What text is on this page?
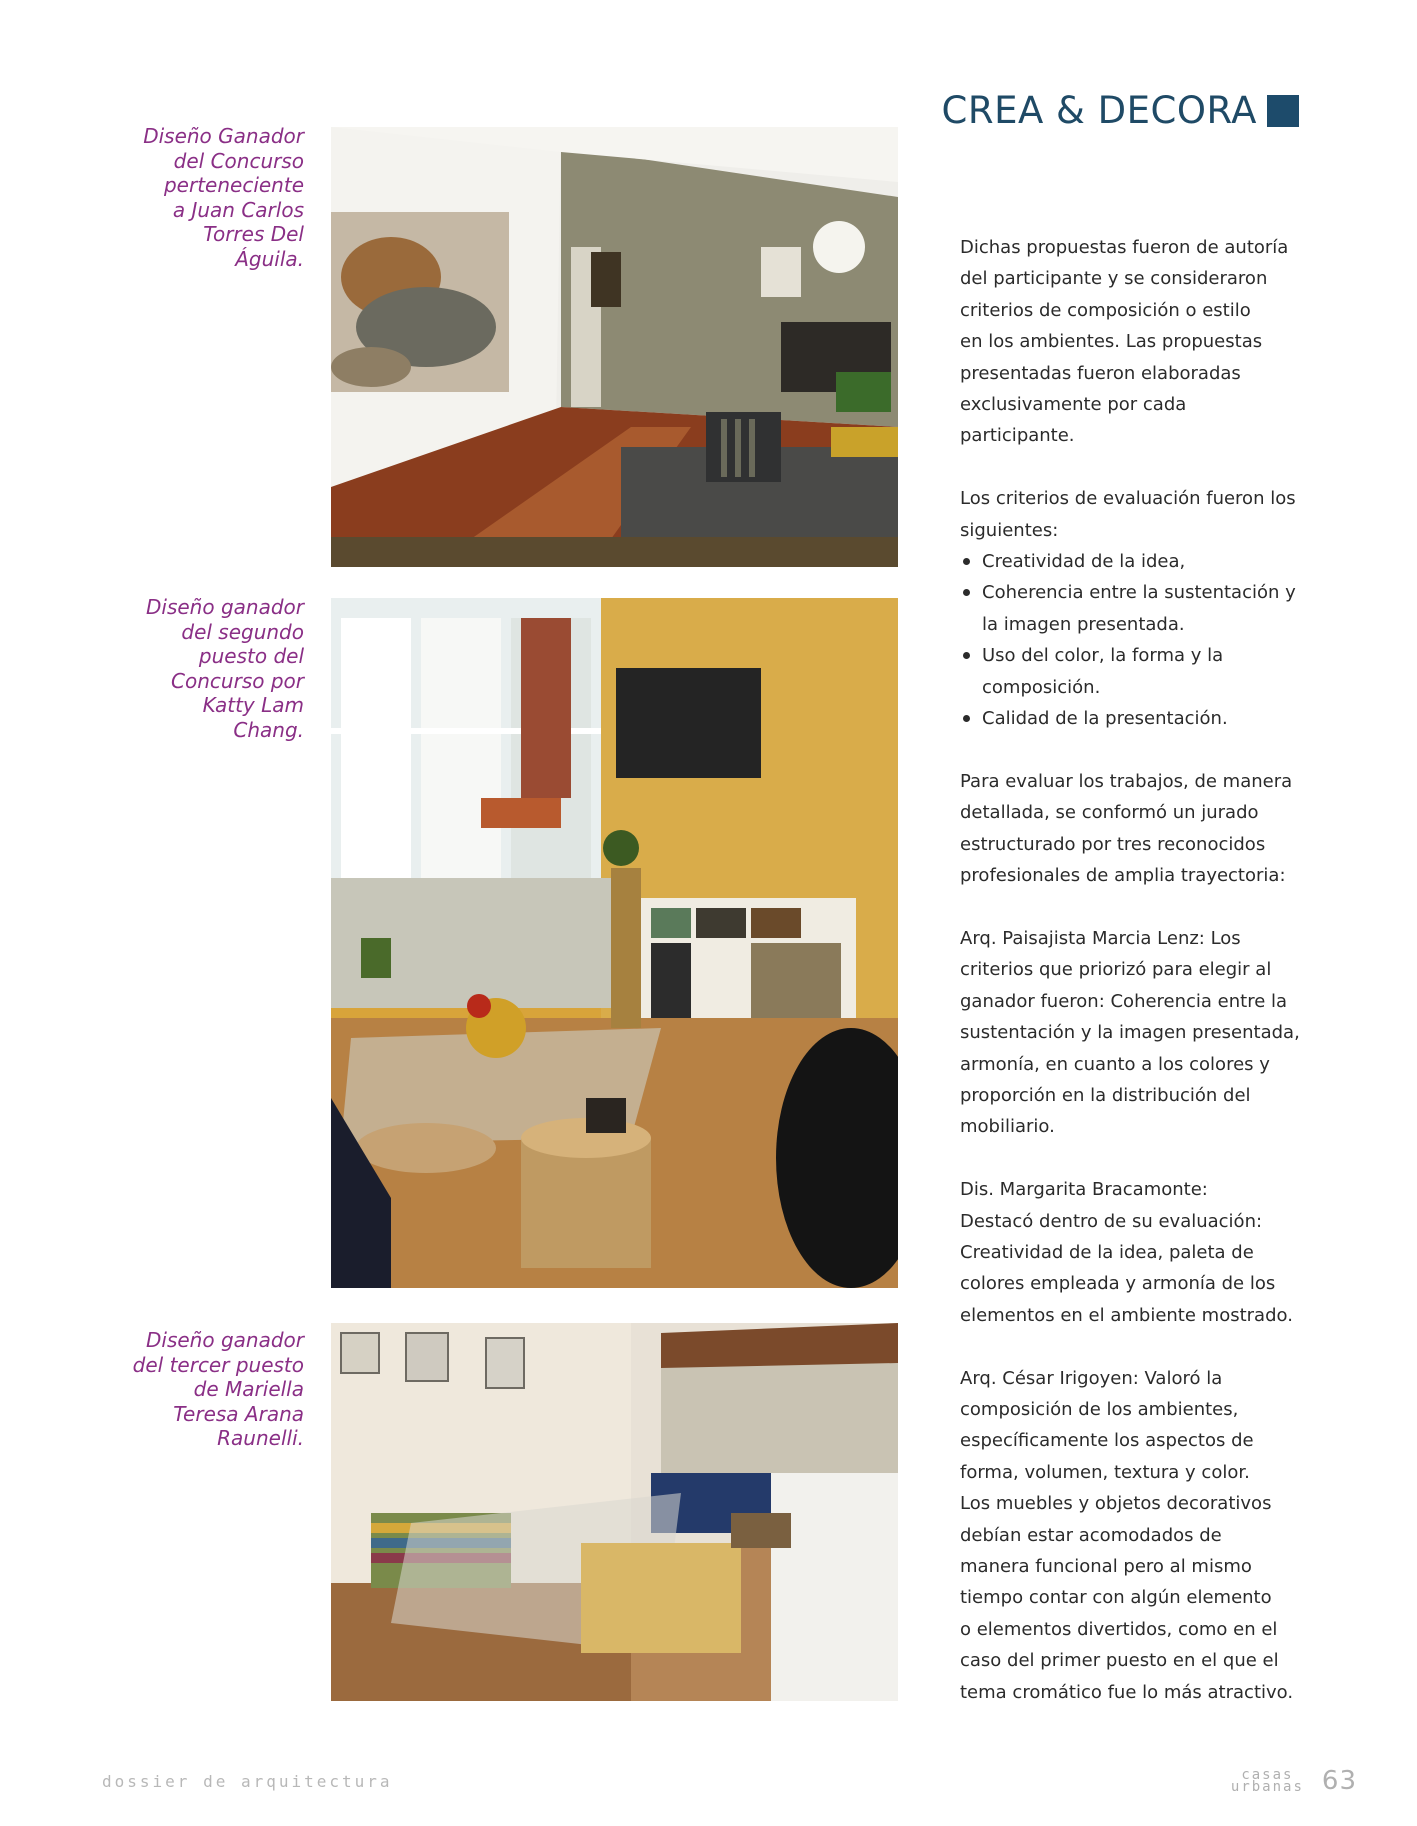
CREA & DECORA
Diseño Ganador
del Concurso
perteneciente
a Juan Carlos
Torres Del
Águila.
Diseño ganador
del segundo
puesto del
Concurso por
Katty Lam
Chang.
Diseño ganador
del tercer puesto
de Mariella
Teresa Arana
Raunelli.

Dichas propuestas fueron de autoría
del participante y se consideraron
criterios de composición o estilo
en los ambientes. Las propuestas
presentadas fueron elaboradas
exclusivamente por cada
participante.

Los criterios de evaluación fueron los
siguientes:

Creatividad de la idea,
Coherencia entre la sustentación y
la imagen presentada.
Uso del color, la forma y la
composición.
Calidad de la presentación.

Para evaluar los trabajos, de manera
detallada, se conformó un jurado
estructurado por tres reconocidos
profesionales de amplia trayectoria:

Arq. Paisajista Marcia Lenz: Los
criterios que priorizó para elegir al
ganador fueron: Coherencia entre la
sustentación y la imagen presentada,
armonía, en cuanto a los colores y
proporción en la distribución del
mobiliario.

Dis. Margarita Bracamonte:
Destacó dentro de su evaluación:
Creatividad de la idea, paleta de
colores empleada y armonía de los
elementos en el ambiente mostrado.

Arq. César Irigoyen: Valoró la
composición de los ambientes,
específicamente los aspectos de
forma, volumen, textura y color.
Los muebles y objetos decorativos
debían estar acomodados de
manera funcional pero al mismo
tiempo contar con algún elemento
o elementos divertidos, como en el
caso del primer puesto en el que el
tema cromático fue lo más atractivo.

dossier de arquitectura	casas
urbanas 63
